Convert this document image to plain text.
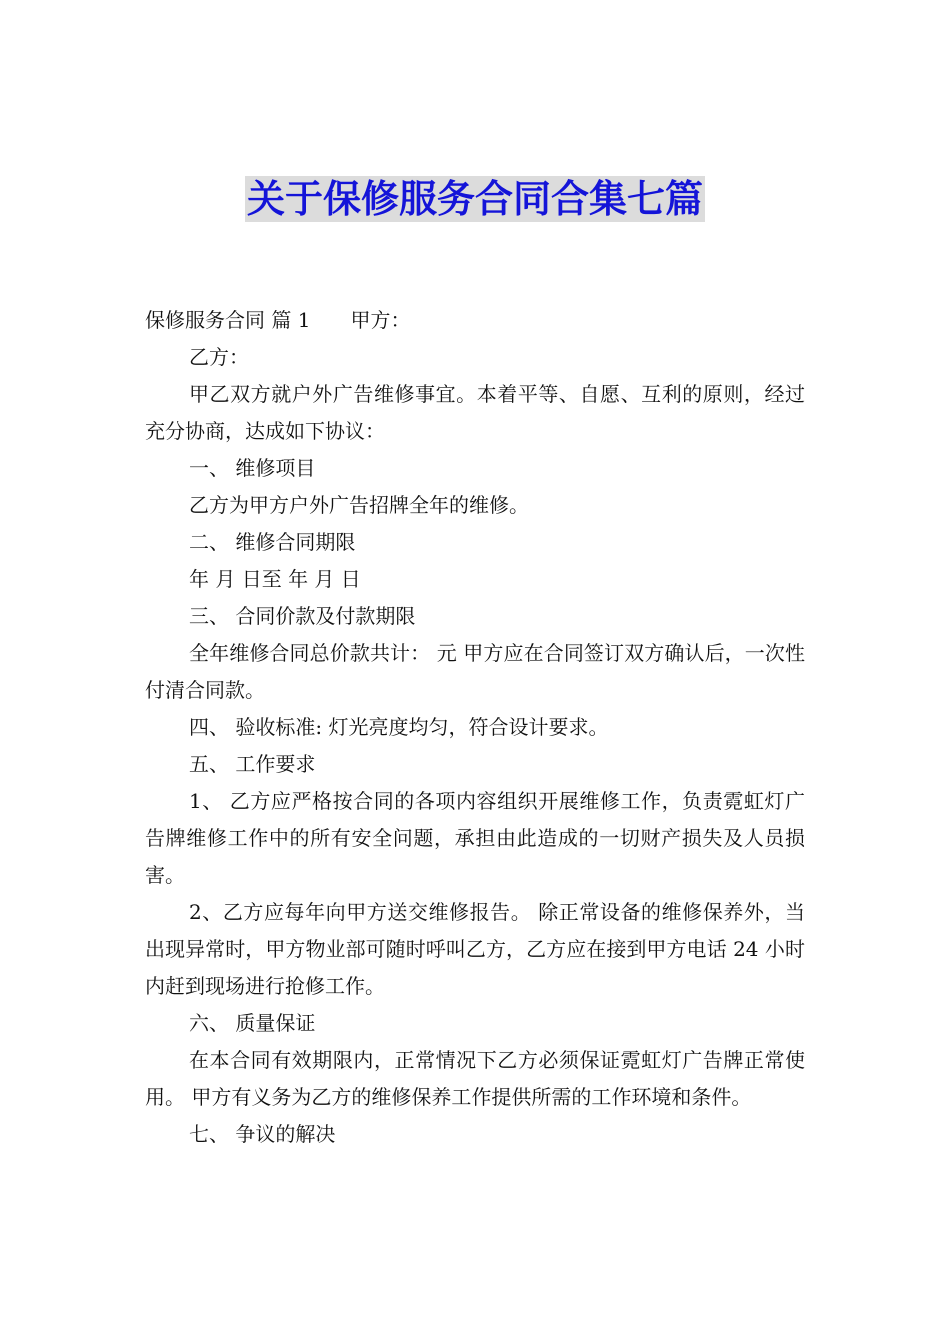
关于保修服务合同合集七篇

保修服务合同 篇 1 甲方：

乙方：

甲乙双方就户外广告维修事宜。本着平等、自愿、互利的原则，经过充分协商，达成如下协议：

一、 维修项目

乙方为甲方户外广告招牌全年的维修。

二、 维修合同期限

年 月 日至 年 月 日

三、 合同价款及付款期限

全年维修合同总价款共计： 元 甲方应在合同签订双方确认后，一次性付清合同款。

四、 验收标准: 灯光亮度均匀，符合设计要求。

五、 工作要求

1、 乙方应严格按合同的各项内容组织开展维修工作，负责霓虹灯广告牌维修工作中的所有安全问题，承担由此造成的一切财产损失及人员损害。

2、乙方应每年向甲方送交维修报告。 除正常设备的维修保养外，当出现异常时，甲方物业部可随时呼叫乙方，乙方应在接到甲方电话 24 小时内赶到现场进行抢修工作。

六、 质量保证

在本合同有效期限内，正常情况下乙方必须保证霓虹灯广告牌正常使用。 甲方有义务为乙方的维修保养工作提供所需的工作环境和条件。

七、 争议的解决
